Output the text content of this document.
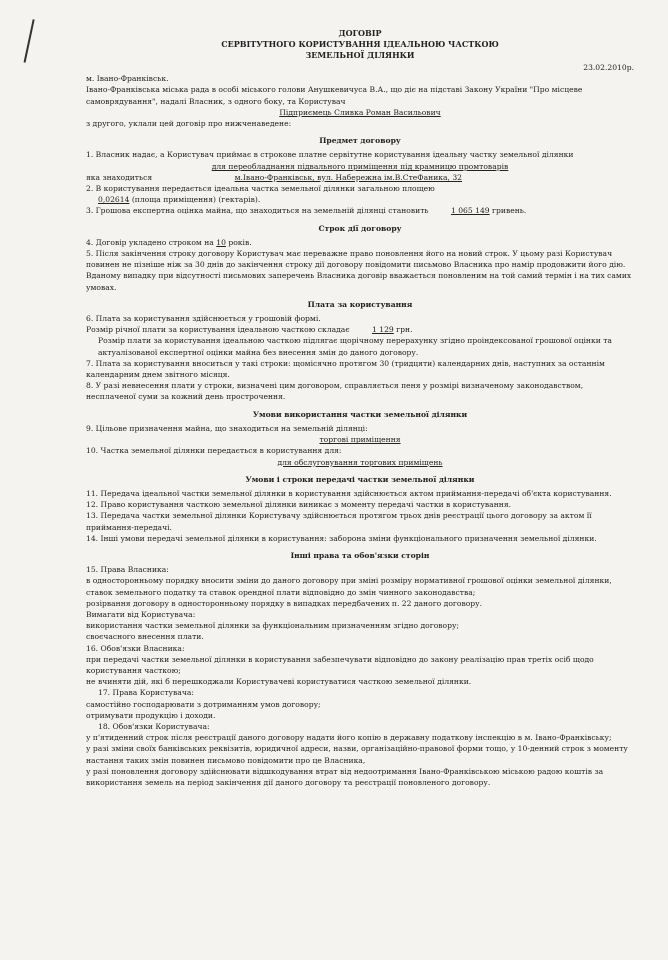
ДОГОВІР
СЕРВІТУТНОГО КОРИСТУВАННЯ ІДЕАЛЬНОЮ ЧАСТКОЮ
ЗЕМЕЛЬНОЇ ДІЛЯНКИ
23.02.2010р.

м. Івано-Франківськ.

Івано-Франківська міська рада в особі міського голови Анушкевичуса В.А., що діє на підставі Закону України "Про місцеве самоврядування", надалі Власник, з одного боку, та Користувач

Підприємець Сливка Роман Васильович

з другого, уклали цей договір про нижченаведене:

Предмет договору

1. Власник надає, а Користувач приймає в строкове платне сервітутне користування ідеальну частку земельної ділянки

для переобладнання підвального приміщення під крамницю промтоварів

яка знаходиться	м.Івано-Франківськ, вул. Набережна ім.В.СтеФаника, 32

2. В користування передається ідеальна частка земельної ділянки загальною площею

0,02614 (площа приміщення) (гектарів).

3. Грошова експертна оцінка майна, що знаходиться на земельній ділянці становить	1 065 149 гривень.

Строк дії договору

4. Договір укладено строком на 10 років.

5. Після закінчення строку договору Користувач має переважне право поновлення його на новий строк. У цьому разі Користувач повинен не пізніше ніж за 30 днів до закінчення строку дії договору повідомити письмово Власника про намір продовжити його дію. Вданому випадку при відсутності письмових заперечень Власника договір вважається поновленим на той самий термін і на тих самих умовах.

Плата за користування

6. Плата за користування здійснюється у грошовій формі.

Розмір річної плати за користування ідеальною часткою складає	1 129 грн.

Розмір плати за користування ідеальною часткою підлягає щорічному перерахунку згідно проіндексованої грошової оцінки та актуалізованої експертної оцінки майна без внесення змін до даного договору.

7. Плата за користування вноситься у такі строки: щомісячно протягом 30 (тридцяти) календарних днів, наступних за останнім календарним днем звітного місяця.

8. У разі невнесення плати у строки, визначені цим договором, справляється пеня у розмірі визначеному законодавством, несплаченої суми за кожний день прострочення.

Умови використання частки земельної ділянки

9. Цільове призначення майна, що знаходиться на земельній ділянці:

торгові приміщення

10. Частка земельної ділянки передається в користування для:

для обслуговування торгових приміщень

Умови і строки передачі частки земельної ділянки

11. Передача ідеальної частки земельної ділянки в користування здійснюється актом приймання-передачі об'єкта користування.

12. Право користування часткою земельної ділянки виникає з моменту передачі частки в користування.

13. Передача частки земельної ділянки Користувачу здійснюється протягом трьох днів реєстрації цього договору за актом її приймання-передачі.

14. Інші умови передачі земельної ділянки в користування: заборона зміни функціонального призначення земельної ділянки.

Інші права та обов'язки сторін

15. Права Власника:

в односторонньому порядку вносити зміни до даного договору при зміні розміру нормативної грошової оцінки земельної ділянки, ставок земельного податку та ставок орендної плати відповідно до змін чинного законодавства;

розірвання договору в односторонньому порядку в випадках передбачених п. 22 даного договору.

Вимагати від Користувача:

використання частки земельної ділянки за функціональним призначенням згідно договору;

своєчасного внесення плати.

16. Обов'язки Власника:

при передачі частки земельної ділянки в користування забезпечувати відповідно до закону реалізацію прав третіх осіб щодо користування часткою;

не вчиняти дій, які б перешкоджали Користувачеві користуватися часткою земельної ділянки.

17. Права Користувача:

самостійно господарювати з дотриманням умов договору;

отримувати продукцію і доходи.

18. Обов'язки Користувача:

у п'ятиденний строк після реєстрації даного договору надати його копію в державну податкову інспекцію в м. Івано-Франківську;

у разі зміни своїх банківських реквізитів, юридичної адреси, назви, організаційно-правової форми тощо, у 10-денний строк з моменту настання таких змін повинен письмово повідомити про це Власника,

у разі поновлення договору здійснювати відшкодування втрат від недоотримання Івано-Франківською міською радою коштів за використання земель на період закінчення дії даного договору та реєстрації поновленого договору.
